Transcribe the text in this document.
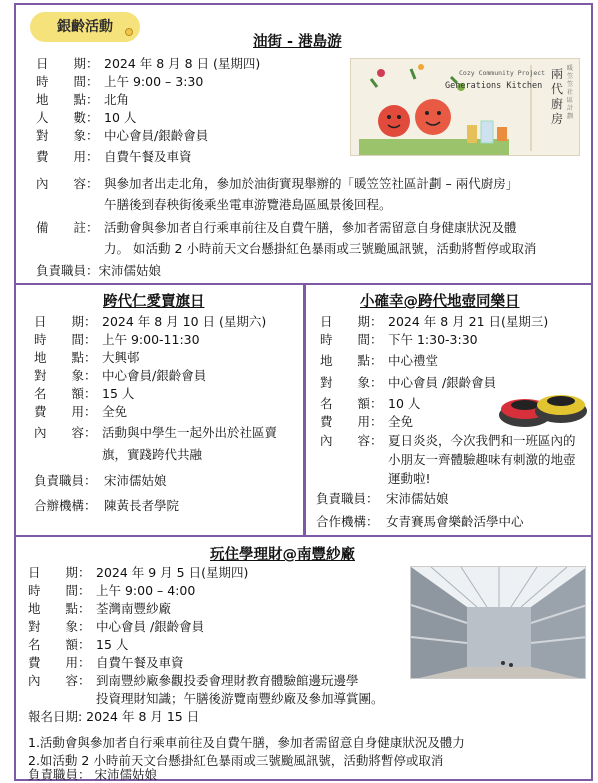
銀齡活動
油街 - 港島游
日　　期： 2024 年 8 月 8 日 (星期四)
時　　間： 上午 9:00 – 3:30
地　　點： 北角
人　　數： 10 人
對　　象： 中心會員/銀齡會員
費　　用： 自費午餐及車資
內　　容： 與參加者出走北角，參加於油街實現舉辦的「暖笠笠社區計劃 – 兩代廚房」
午膳後到春秧街後乘坐電車游覽港島區風景後回程。
備　　註： 活動會與參加者自行乘車前往及自費午膳，參加者需留意自身健康狀況及體
力。 如活動 2 小時前天文台懸掛紅色暴雨或三號颱風訊號，活動將暫停或取消
負責職員：宋沛儒姑娘
Cozy Community Project
Generations Kitchen
兩代廚房
暖笠笠社區計劃
跨代仁愛賣旗日
日　　期： 2024 年 8 月 10 日 (星期六)
時　　間： 上午 9:00-11:30
地　　點： 大興邨
對　　象： 中心會員/銀齡會員
名　　額： 15 人
費　　用： 全免
內　　容： 活動與中學生一起外出於社區賣
旗，實踐跨代共融
負責職員： 宋沛儒姑娘
合辦機構： 陳黃長者學院
小確幸@跨代地壺同樂日
日　　期： 2024 年 8 月 21 日(星期三)
時　　間： 下午 1:30-3:30
地　　點： 中心禮堂
對　　象： 中心會員 /銀齡會員
名　　額： 10 人
費　　用： 全免
內　　容： 夏日炎炎，今次我們和一班區內的
小朋友一齊體驗趣味有刺激的地壺
運動啦!
負責職員： 宋沛儒姑娘
合作機構： 女青賽馬會樂齡活學中心
玩住學理財@南豐紗廠
日　　期： 2024 年 9 月 5 日(星期四)
時　　間： 上午 9:00 – 4:00
地　　點： 荃灣南豐紗廠
對　　象： 中心會員 /銀齡會員
名　　額： 15 人
費　　用： 自費午餐及車資
內　　容： 到南豐紗廠參觀投委會理財教育體驗館邊玩邊學
投資理財知識；午膳後游覽南豐紗廠及參加導賞團。
報名日期: 2024 年 8 月 15 日
1.活動會與參加者自行乘車前往及自費午膳，參加者需留意自身健康狀況及體力
2.如活動 2 小時前天文台懸掛紅色暴雨或三號颱風訊號，活動將暫停或取消
負責職員： 宋沛儒姑娘
